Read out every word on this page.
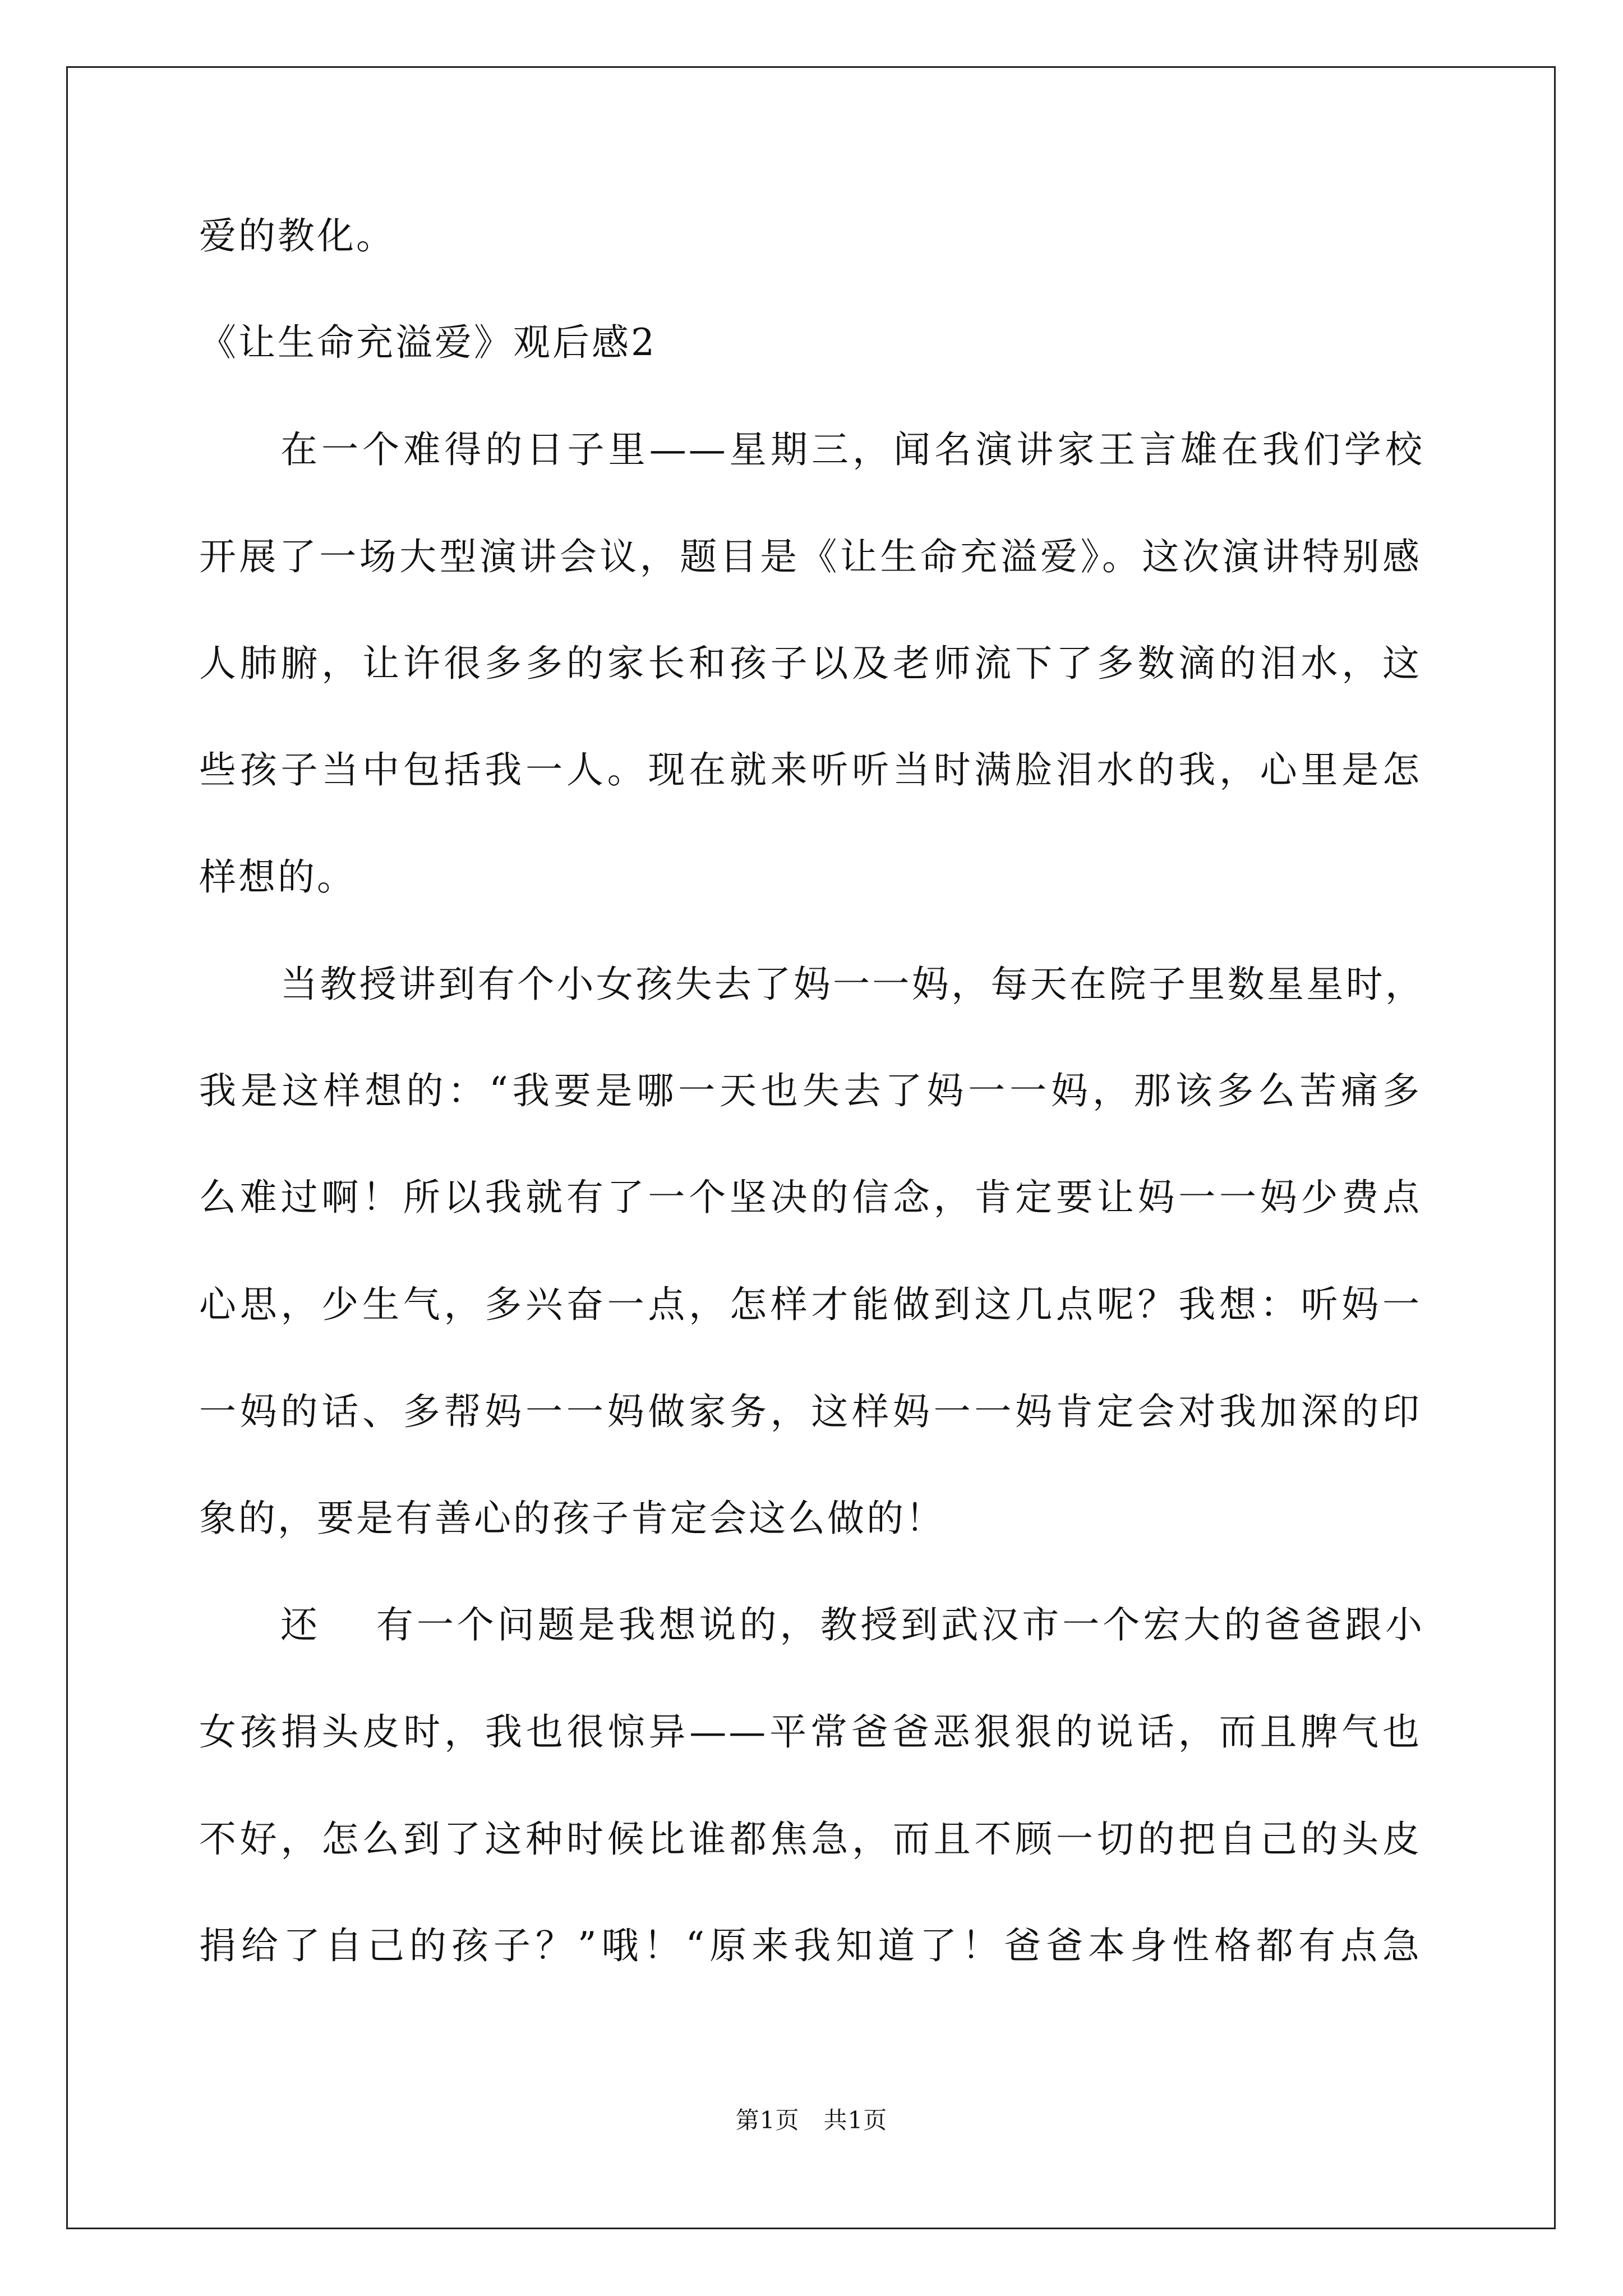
爱的教化。
《让生命充溢爱》观后感2
在一个难得的日子里——星期三，闻名演讲家王言雄在我们学校
开展了一场大型演讲会议，题目是《让生命充溢爱》。这次演讲特别感
人肺腑，让许很多多的家长和孩子以及老师流下了多数滴的泪水，这
些孩子当中包括我一人。现在就来听听当时满脸泪水的我，心里是怎
样想的。
当教授讲到有个小女孩失去了妈一一妈，每天在院子里数星星时，
我是这样想的：“我要是哪一天也失去了妈一一妈，那该多么苦痛多
么难过啊！所以我就有了一个坚决的信念，肯定要让妈一一妈少费点
心思，少生气，多兴奋一点，怎样才能做到这几点呢？我想：听妈一
一妈的话、多帮妈一一妈做家务，这样妈一一妈肯定会对我加深的印
象的，要是有善心的孩子肯定会这么做的！
还　 有一个问题是我想说的，教授到武汉市一个宏大的爸爸跟小
女孩捐头皮时，我也很惊异——平常爸爸恶狠狠的说话，而且脾气也
不好，怎么到了这种时候比谁都焦急，而且不顾一切的把自己的头皮
捐给了自己的孩子？”哦！“原来我知道了！爸爸本身性格都有点急
第1页　共1页
